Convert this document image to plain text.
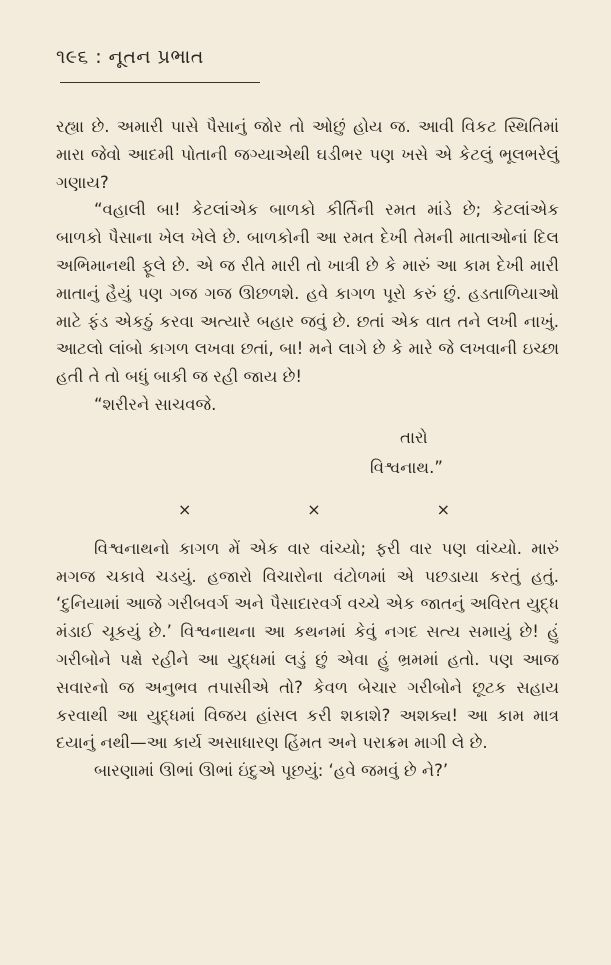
૧૯૬ : નૂતન પ્રભાત

રહ્યા છે. અમારી પાસે પૈસાનું જોર તો ઓછું હોય જ. આવી વિકટ સ્થિતિમાં મારા જેવો આદમી પોતાની જગ્યાએથી ઘડીભર પણ ખસે એ કેટલું ભૂલભરેલું ગણાય?

“વહાલી બા! કેટલાંએક બાળકો કીર્તિની રમત માંડે છે; કેટલાંએક બાળકો પૈસાના ખેલ ખેલે છે. બાળકોની આ રમત દેખી તેમની માતાઓનાં દિલ અભિમાનથી ફૂલે છે. એ જ રીતે મારી તો ખાત્રી છે કે મારું આ કામ દેખી મારી માતાનું હૈયું પણ ગજ ગજ ઊછળશે. હવે કાગળ પૂરો કરું છું. હડતાળિયાઓ માટે ફંડ એકઠું કરવા અત્યારે બહાર જવું છે. છતાં એક વાત તને લખી નાખું. આટલો લાંબો કાગળ લખવા છતાં, બા! મને લાગે છે કે મારે જે લખવાની ઇચ્છા હતી તે તો બધું બાકી જ રહી જાય છે!

“શરીરને સાચવજે.

તારો
વિશ્વનાથ.”
×	×	×

વિશ્વનાથનો કાગળ મેં એક વાર વાંચ્યો; ફરી વાર પણ વાંચ્યો. મારું મગજ ચકાવે ચડયું. હજારો વિચારોના વંટોળમાં એ પછડાયા કરતું હતું. ‘દુનિયામાં આજે ગરીબવર્ગ અને પૈસાદારવર્ગ વચ્ચે એક જાતનું અવિરત યુદ્ધ મંડાઈ ચૂકયું છે.’ વિશ્વનાથના આ કથનમાં કેવું નગદ સત્ય સમાયું છે! હું ગરીબોને પક્ષે રહીને આ યુદ્ધમાં લડું છું એવા હું ભ્રમમાં હતો. પણ આજ સવારનો જ અનુભવ તપાસીએ તો? કેવળ બેચાર ગરીબોને છૂટક સહાય કરવાથી આ યુદ્ધમાં વિજય હાંસલ કરી શકાશે? અશક્ય! આ કામ માત્ર દયાનું નથી—આ કાર્ય અસાધારણ હિંમત અને પરાક્રમ માગી લે છે.

બારણામાં ઊભાં ઊભાં ઇંદુએ પૂછયું: ‘હવે જમવું છે ને?’
